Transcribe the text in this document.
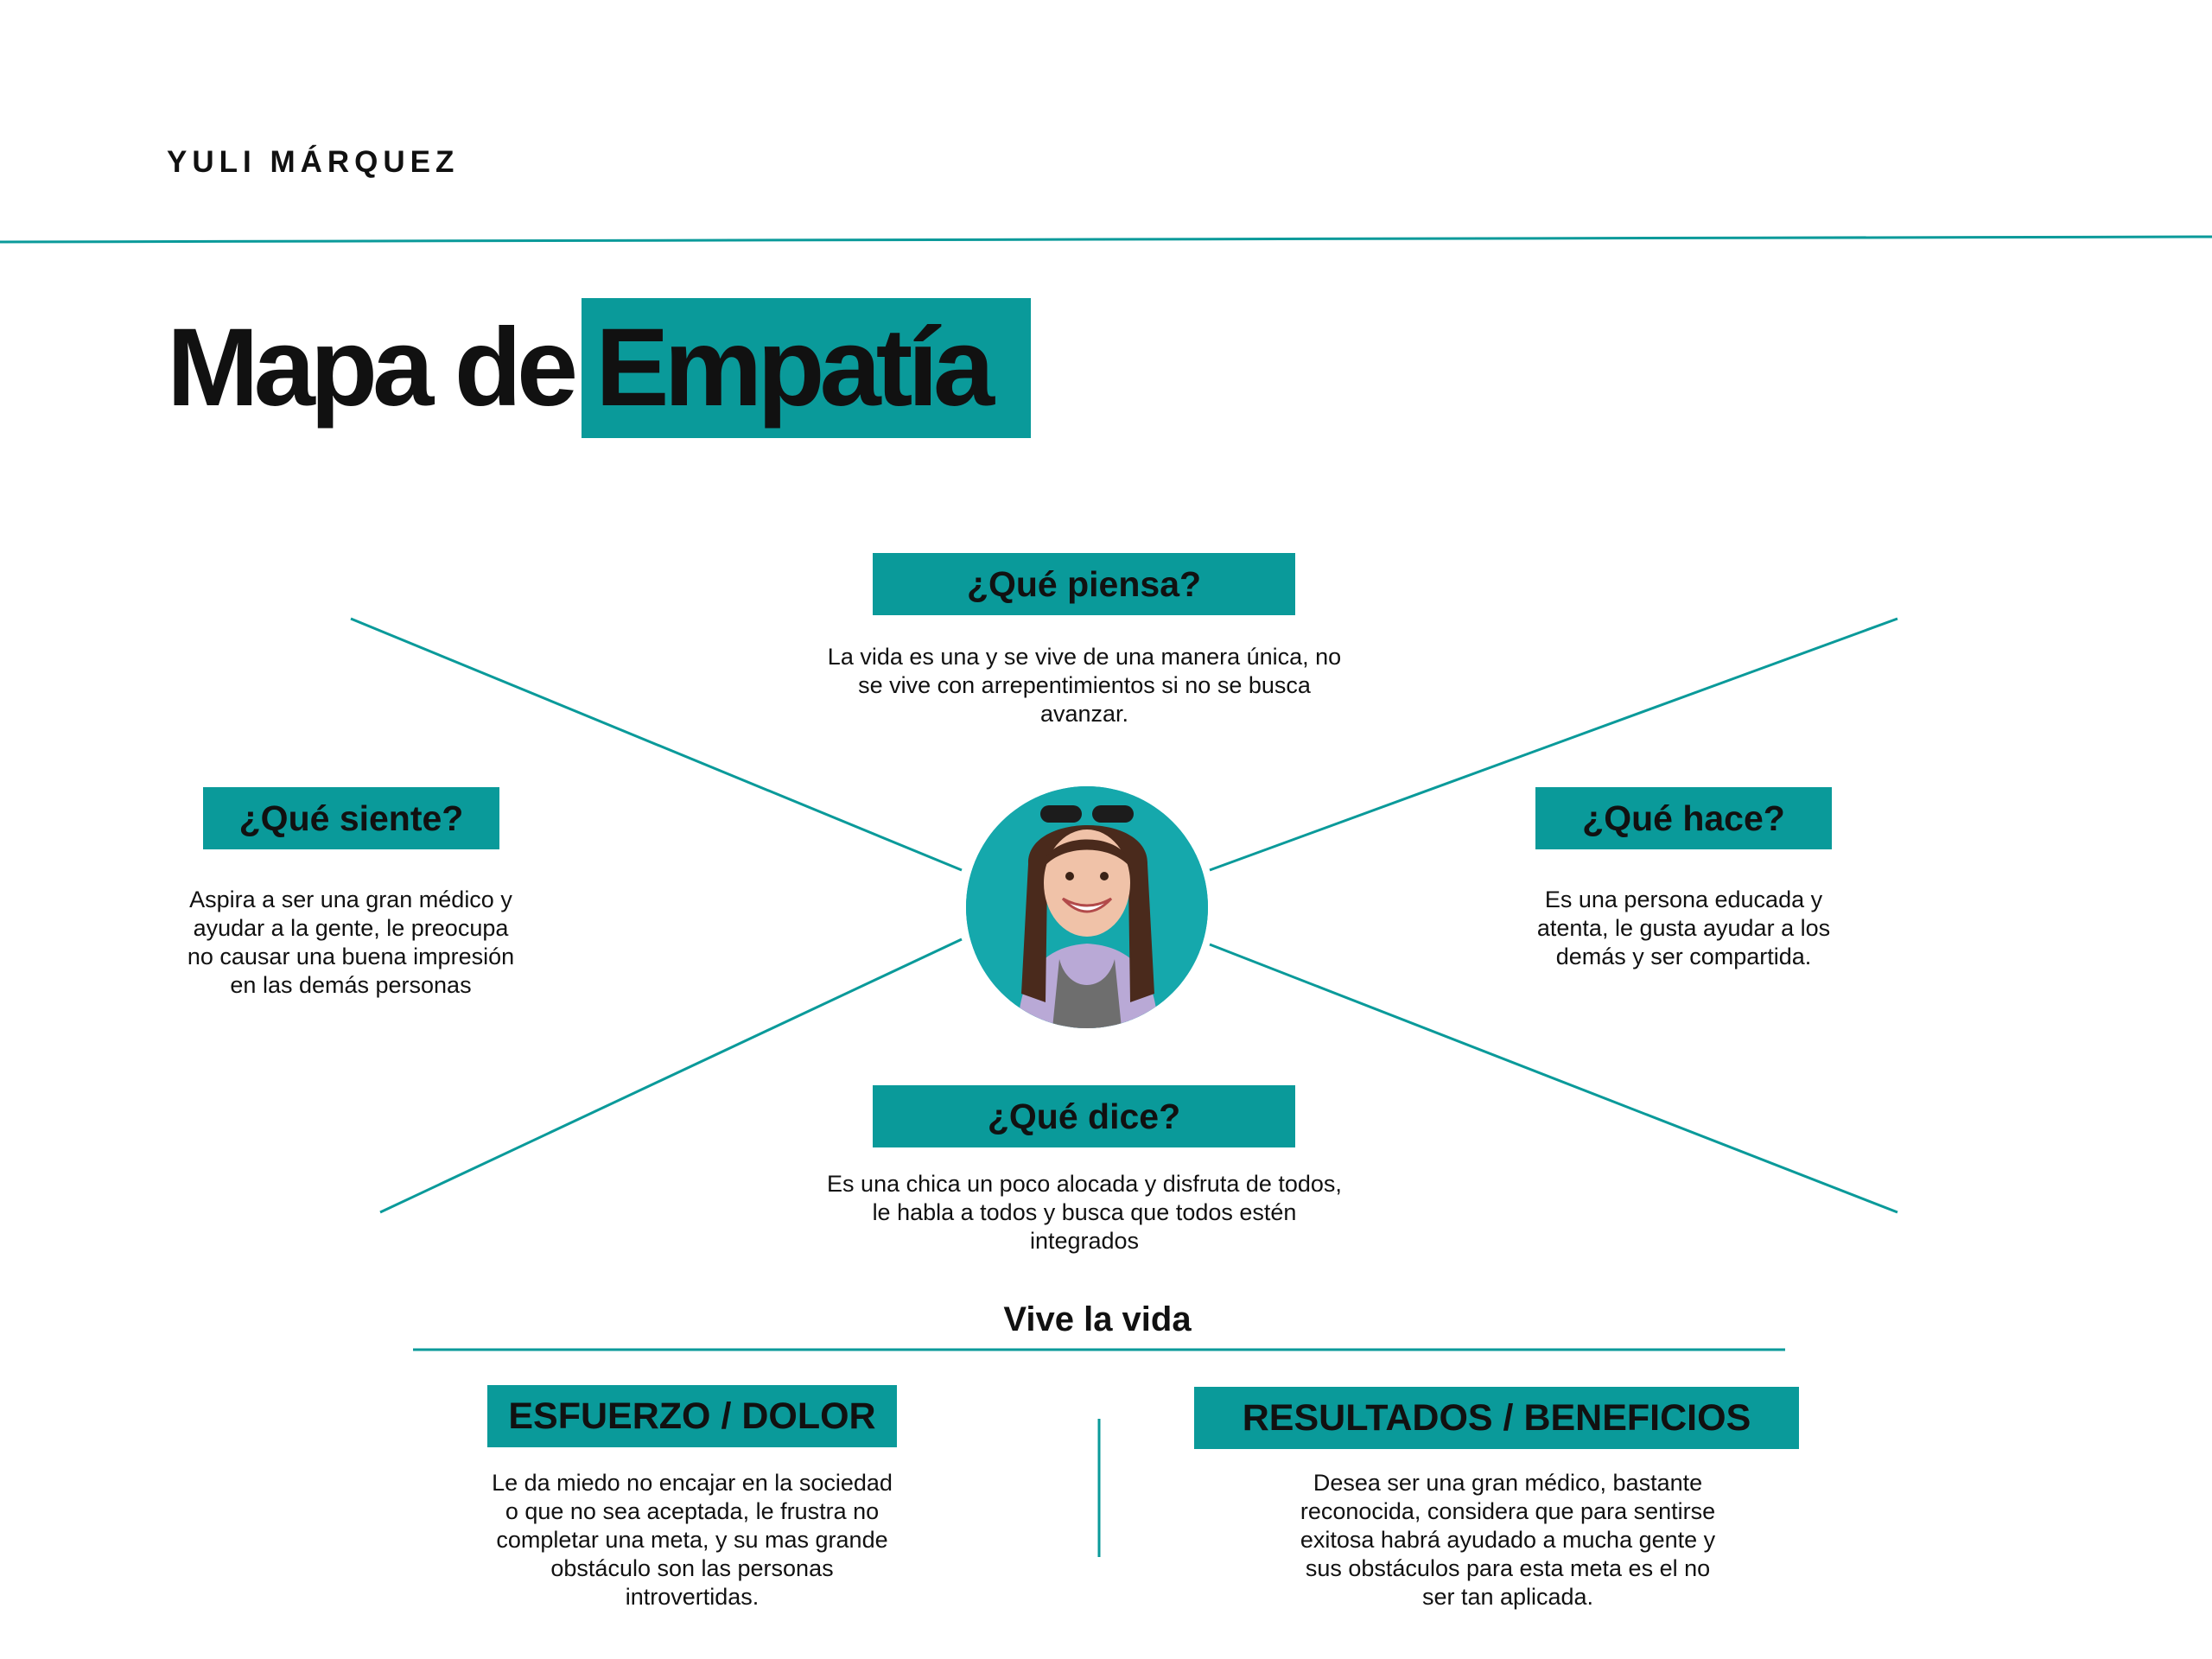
YULI MÁRQUEZ
Mapa de Empatía
¿Qué piensa?

La vida es una y se vive de una manera única, no se vive con arrepentimientos si no se busca avanzar.

¿Qué siente?

Aspira a ser una gran médico y ayudar a la gente, le preocupa no causar una buena impresión en las demás personas

¿Qué hace?

Es una persona educada y atenta, le gusta ayudar a los demás y ser compartida.

¿Qué dice?

Es una chica un poco alocada y disfruta de todos, le habla a todos y busca que todos estén integrados

Vive la vida

ESFUERZO / DOLOR

Le da miedo no encajar en la sociedad o que no sea aceptada, le frustra no completar una meta, y su mas grande obstáculo son las personas introvertidas.

RESULTADOS / BENEFICIOS

Desea ser una gran médico, bastante reconocida, considera que para sentirse exitosa habrá ayudado a mucha gente y sus obstáculos para esta meta es el no ser tan aplicada.
